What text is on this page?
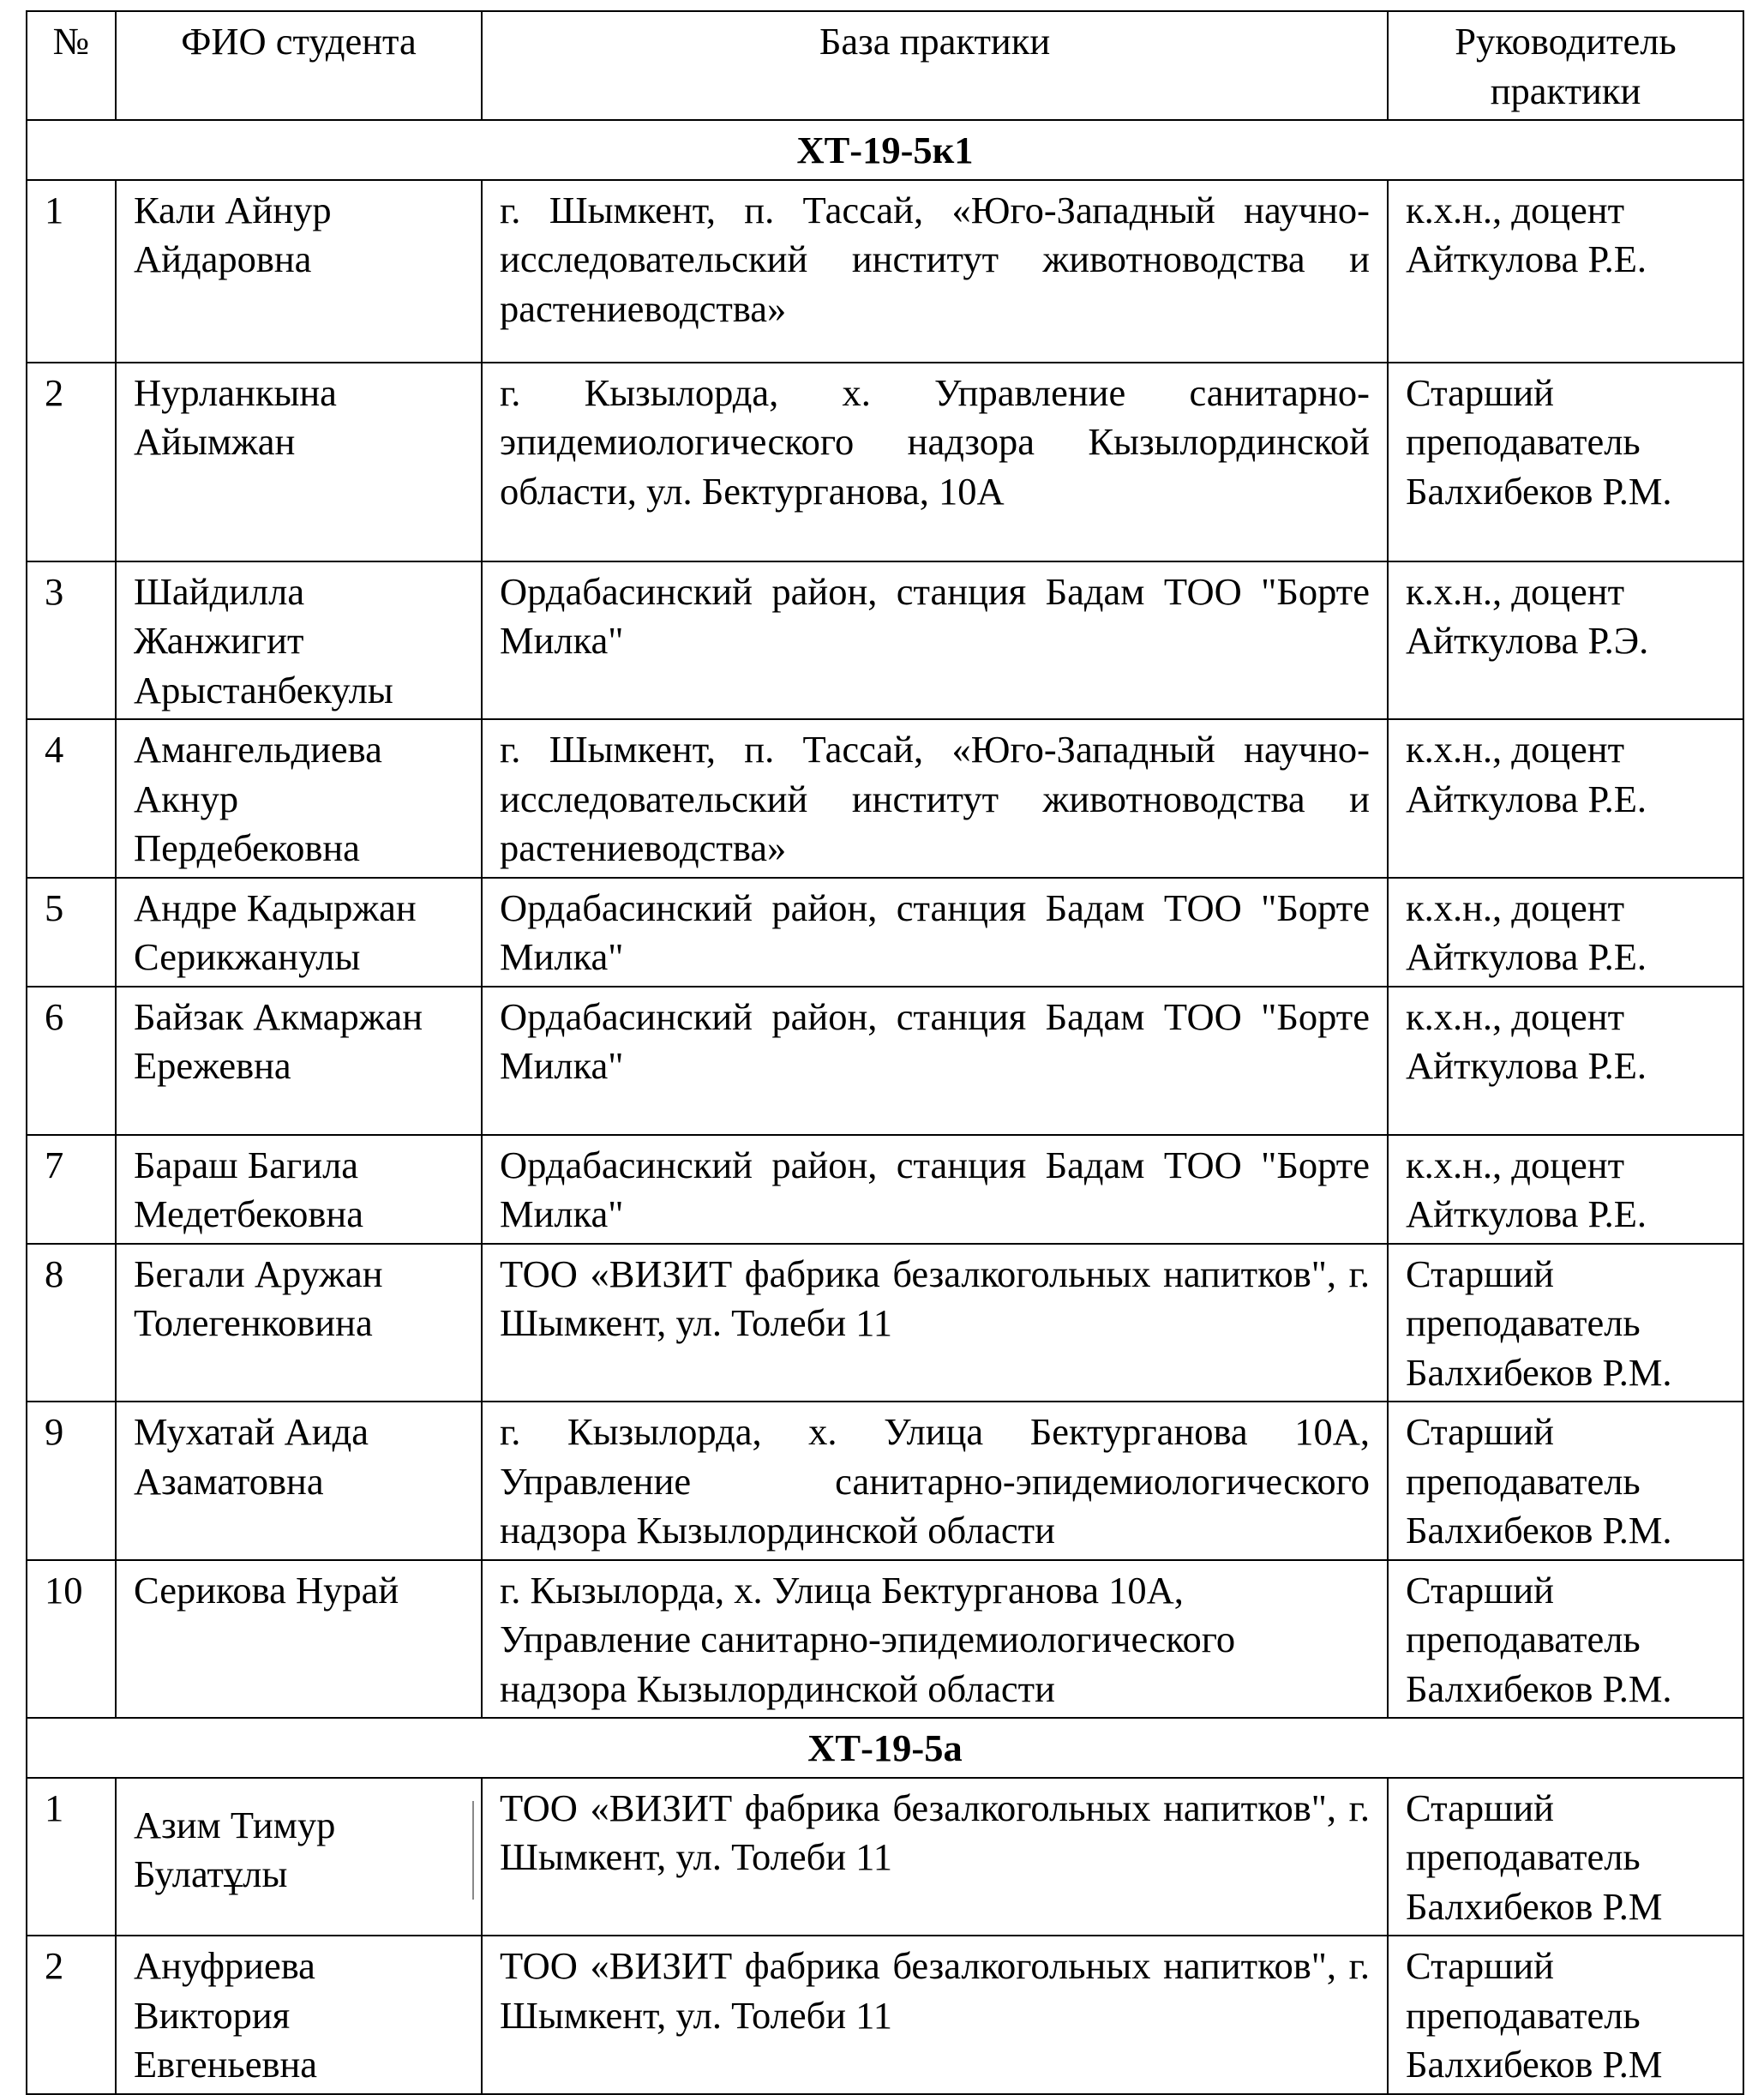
№	ФИО студента	База практики	Руководитель практики
ХТ-19-5к1			
1	Кали Айнур Айдаровна	г. Шымкент, п. Тассай, «Юго-Западный научно-исследовательский институт животноводства и растениеводства»	к.х.н., доцент Айткулова Р.Е.
2	Нурланкына Айымжан	г. Кызылорда, х. Управление санитарно-эпидемиологического надзора Кызылординской области, ул. Бектурганова, 10А	Старший преподаватель Балхибеков Р.М.
3	Шайдилла Жанжигит Арыстанбекулы	Ордабасинский район, станция Бадам ТОО "Борте Милка"	к.х.н., доцент Айткулова Р.Э.
4	Амангельдиева Акнур Пердебековна	г. Шымкент, п. Тассай, «Юго-Западный научно-исследовательский институт животноводства и растениеводства»	к.х.н., доцент Айткулова Р.Е.
5	Андре Кадыржан Серикжанулы	Ордабасинский район, станция Бадам ТОО "Борте Милка"	к.х.н., доцент Айткулова Р.Е.
6	Байзак Акмаржан Ережевна	Ордабасинский район, станция Бадам ТОО "Борте Милка"	к.х.н., доцент Айткулова Р.Е.
7	Бараш Багила Медетбековна	Ордабасинский район, станция Бадам ТОО "Борте Милка"	к.х.н., доцент Айткулова Р.Е.
8	Бегали Аружан Толегенковина	ТОО «ВИЗИТ фабрика безалкогольных напитков", г. Шымкент, ул. Толеби 11	Старший преподаватель Балхибеков Р.М.
9	Мухатай Аида Азаматовна	г. Кызылорда, х. Улица Бектурганова 10А, Управление санитарно-эпидемиологического надзора Кызылординской области	Старший преподаватель Балхибеков Р.М.
10	Серикова Нурай	г. Кызылорда, х. Улица Бектурганова 10А, Управление санитарно-эпидемиологического надзора Кызылординской области	Старший преподаватель Балхибеков Р.М.
ХТ-19-5а			
1	Азим Тимур Булатұлы	ТОО «ВИЗИТ фабрика безалкогольных напитков", г. Шымкент, ул. Толеби 11	Старший преподаватель Балхибеков Р.М
2	Ануфриева Виктория Евгеньевна	ТОО «ВИЗИТ фабрика безалкогольных напитков", г. Шымкент, ул. Толеби 11	Старший преподаватель Балхибеков Р.М
